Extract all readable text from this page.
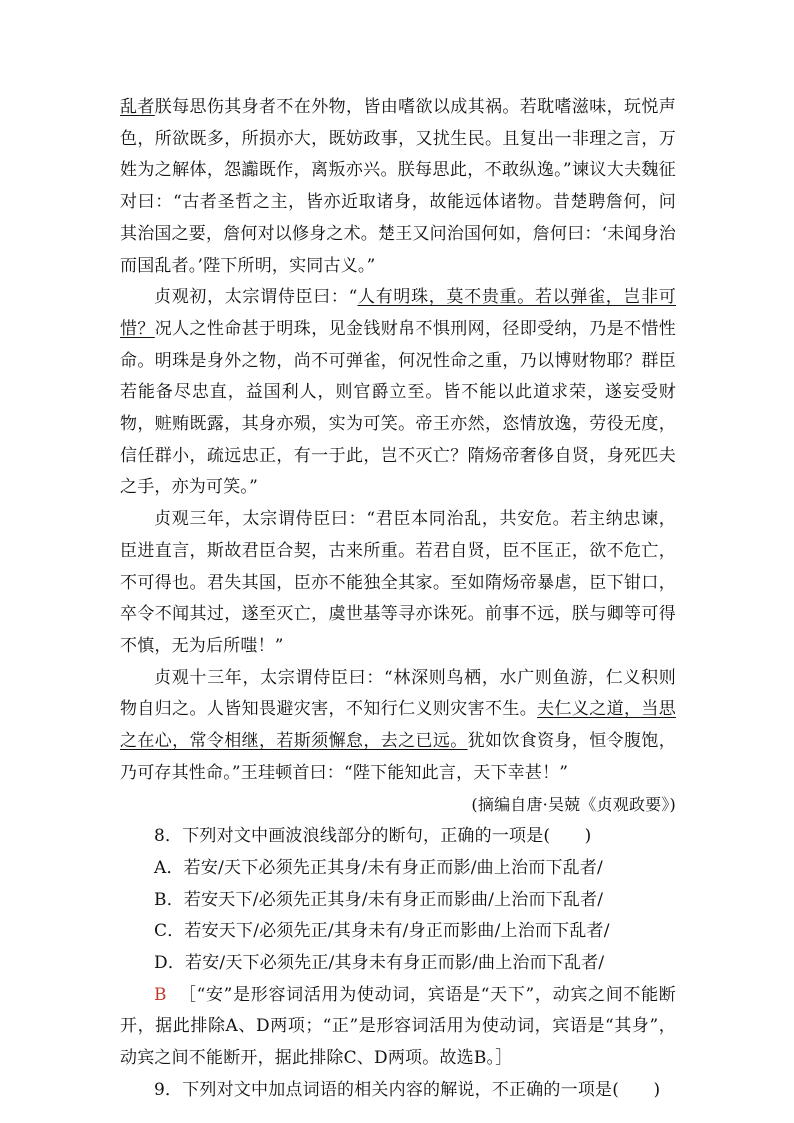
乱者朕每思伤其身者不在外物，皆由嗜欲以成其祸。若耽嗜滋味，玩悦声色，所欲既多，所损亦大，既妨政事，又扰生民。且复出一非理之言，万姓为之解体，怨讟既作，离叛亦兴。朕每思此，不敢纵逸。”谏议大夫魏征对曰：“古者圣哲之主，皆亦近取诸身，故能远体诸物。昔楚聘詹何，问其治国之要，詹何对以修身之术。楚王又问治国何如，詹何曰：‘未闻身治而国乱者。’陛下所明，实同古义。”

贞观初，太宗谓侍臣曰：“人有明珠，莫不贵重。若以弹雀，岂非可惜？况人之性命甚于明珠，见金钱财帛不惧刑网，径即受纳，乃是不惜性命。明珠是身外之物，尚不可弹雀，何况性命之重，乃以博财物耶？群臣若能备尽忠直，益国利人，则官爵立至。皆不能以此道求荣，遂妄受财物，赃贿既露，其身亦殒，实为可笑。帝王亦然，恣情放逸，劳役无度，信任群小，疏远忠正，有一于此，岂不灭亡？隋炀帝奢侈自贤，身死匹夫之手，亦为可笑。”

贞观三年，太宗谓侍臣曰：“君臣本同治乱，共安危。若主纳忠谏，臣进直言，斯故君臣合契，古来所重。若君自贤，臣不匡正，欲不危亡，不可得也。君失其国，臣亦不能独全其家。至如隋炀帝暴虐，臣下钳口，卒令不闻其过，遂至灭亡，虞世基等寻亦诛死。前事不远，朕与卿等可得不慎，无为后所嗤！”

贞观十三年，太宗谓侍臣曰：“林深则鸟栖，水广则鱼游，仁义积则物自归之。人皆知畏避灾害，不知行仁义则灾害不生。夫仁义之道，当思之在心，常令相继，若斯须懈怠，去之已远。犹如饮食资身，恒令腹饱，乃可存其性命。”王珪顿首曰：“陛下能知此言，天下幸甚！”

(摘编自唐·吴兢《贞观政要》)

8．下列对文中画波浪线部分的断句，正确的一项是(　　)

A．若安/天下必须先正其身/未有身正而影/曲上治而下乱者/

B．若安天下/必须先正其身/未有身正而影曲/上治而下乱者/

C．若安天下/必须先正/其身未有/身正而影曲/上治而下乱者/

D．若安/天下必须先正/其身未有身正而影/曲上治而下乱者/

B ［“安”是形容词活用为使动词，宾语是“天下”，动宾之间不能断开，据此排除A、D两项；“正”是形容词活用为使动词，宾语是“其身”，动宾之间不能断开，据此排除C、D两项。故选B。］

9．下列对文中加点词语的相关内容的解说，不正确的一项是(　　)
